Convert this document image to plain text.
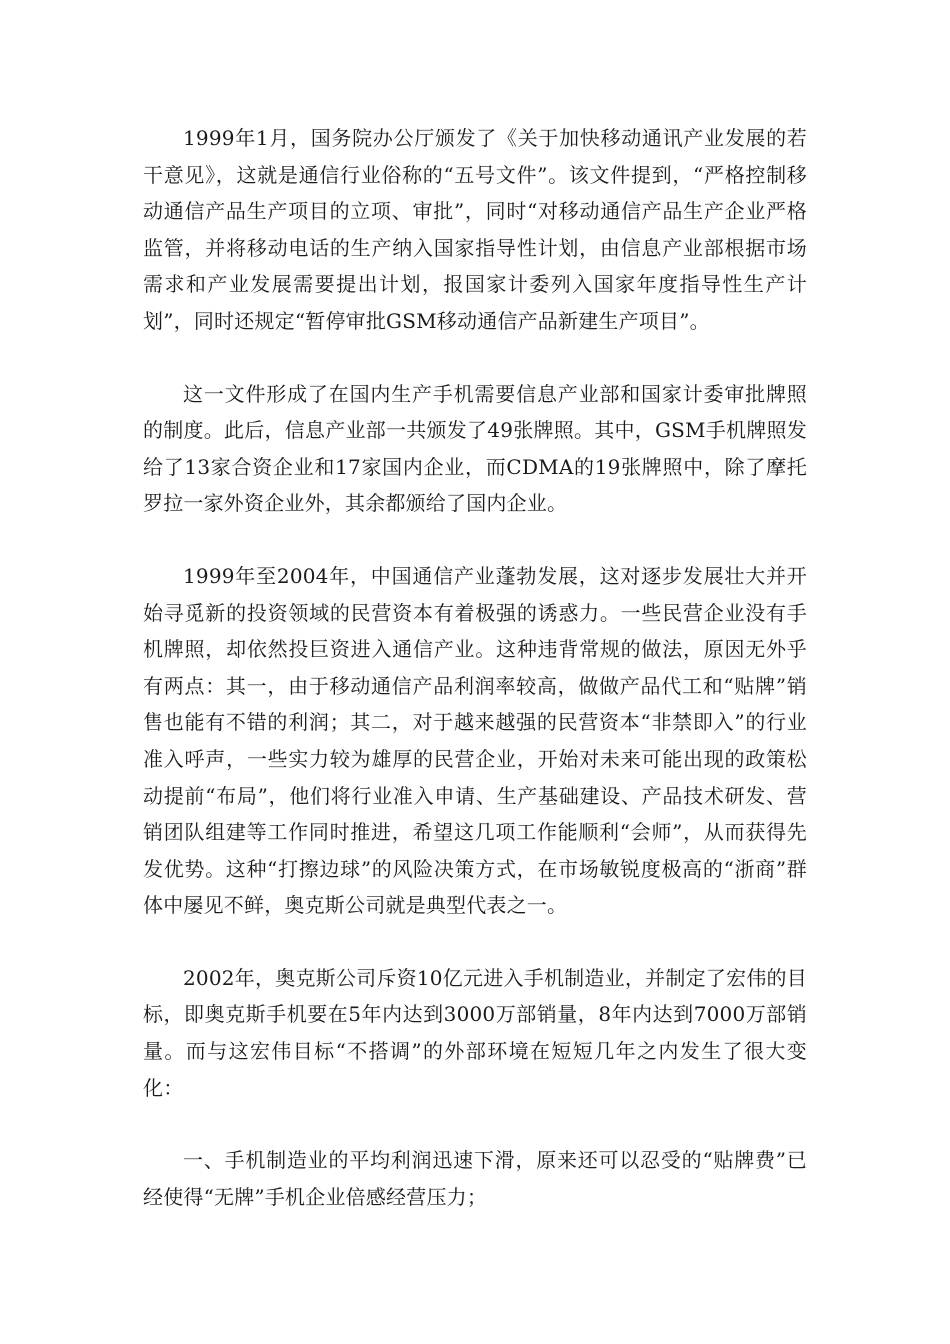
1999年1月，国务院办公厅颁发了《关于加快移动通讯产业发展的若干意见》，这就是通信行业俗称的“五号文件”。该文件提到，“严格控制移动通信产品生产项目的立项、审批”，同时“对移动通信产品生产企业严格监管，并将移动电话的生产纳入国家指导性计划，由信息产业部根据市场需求和产业发展需要提出计划，报国家计委列入国家年度指导性生产计划”，同时还规定“暂停审批GSM移动通信产品新建生产项目”。

这一文件形成了在国内生产手机需要信息产业部和国家计委审批牌照的制度。此后，信息产业部一共颁发了49张牌照。其中，GSM手机牌照发给了13家合资企业和17家国内企业，而CDMA的19张牌照中，除了摩托罗拉一家外资企业外，其余都颁给了国内企业。

1999年至2004年，中国通信产业蓬勃发展，这对逐步发展壮大并开始寻觅新的投资领域的民营资本有着极强的诱惑力。一些民营企业没有手机牌照，却依然投巨资进入通信产业。这种违背常规的做法，原因无外乎有两点：其一，由于移动通信产品利润率较高，做做产品代工和“贴牌”销售也能有不错的利润；其二，对于越来越强的民营资本“非禁即入”的行业准入呼声，一些实力较为雄厚的民营企业，开始对未来可能出现的政策松动提前“布局”，他们将行业准入申请、生产基础建设、产品技术研发、营销团队组建等工作同时推进，希望这几项工作能顺利“会师”，从而获得先发优势。这种“打擦边球”的风险决策方式，在市场敏锐度极高的“浙商”群体中屡见不鲜，奥克斯公司就是典型代表之一。

2002年，奥克斯公司斥资10亿元进入手机制造业，并制定了宏伟的目标，即奥克斯手机要在5年内达到3000万部销量，8年内达到7000万部销量。而与这宏伟目标“不搭调”的外部环境在短短几年之内发生了很大变化：

一、手机制造业的平均利润迅速下滑，原来还可以忍受的“贴牌费”已经使得“无牌”手机企业倍感经营压力；
